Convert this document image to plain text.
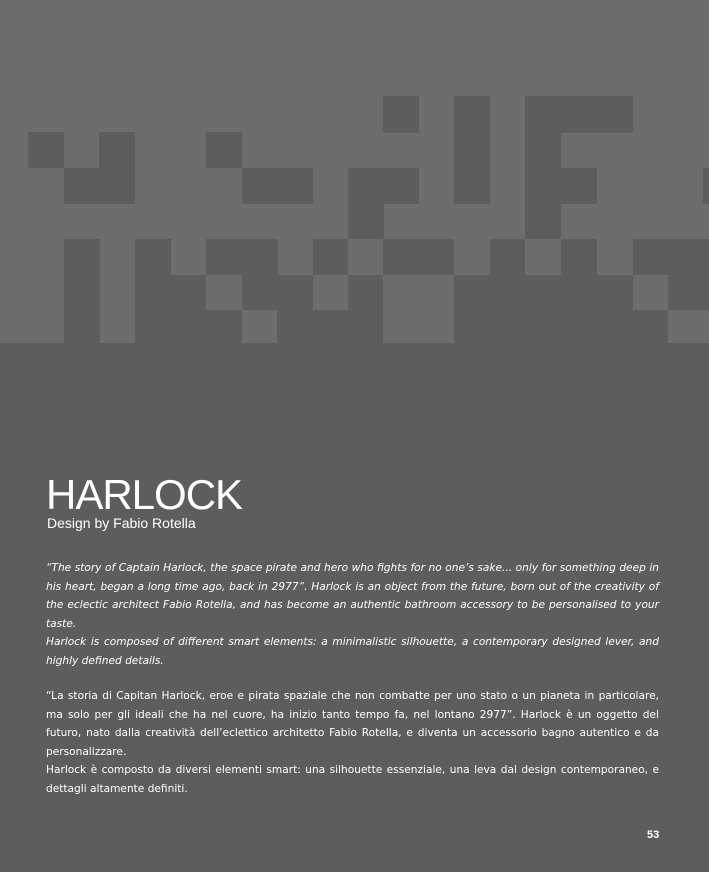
HARLOCK

Design by Fabio Rotella

“The story of Captain Harlock, the space pirate and hero who fights for no one’s sake... only for something deep in his heart, began a long time ago, back in 2977”. Harlock is an object from the future, born out of the creativity of the eclectic architect Fabio Rotella, and has become an authentic bathroom accessory to be personalised to your taste.

Harlock is composed of different smart elements: a minimalistic silhouette, a contemporary designed lever, and highly defined details.

“La storia di Capitan Harlock, eroe e pirata spaziale che non combatte per uno stato o un pianeta in particolare, ma solo per gli ideali che ha nel cuore, ha inizio tanto tempo fa, nel lontano 2977”. Harlock è un oggetto del futuro, nato dalla creatività dell’eclettico architetto Fabio Rotella, e diventa un accessorio bagno autentico e da personalizzare.

Harlock è composto da diversi elementi smart: una silhouette essenziale, una leva dal design contemporaneo, e dettagli altamente definiti.

53
